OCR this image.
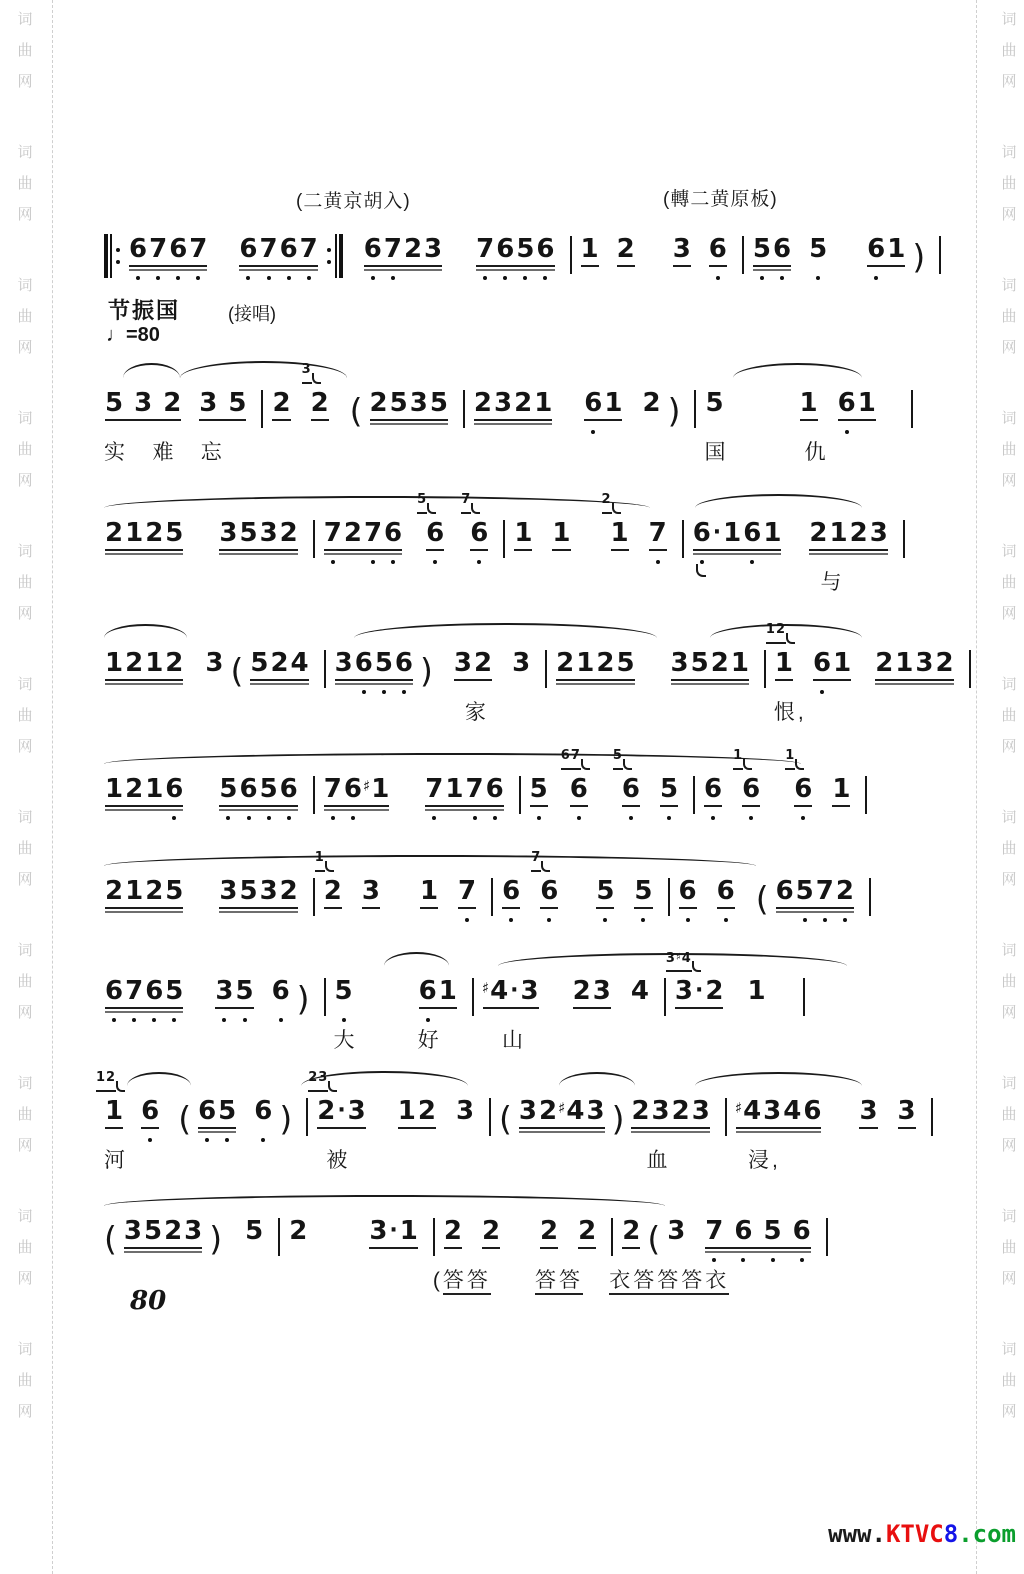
词
曲
网
词
曲
网
词
曲
网
词
曲
网
词
曲
网
词
曲
网
词
曲
网
词
曲
网
词
曲
网
词
曲
网
词
曲
网
词
曲
网
词
曲
网
词
曲
网
词
曲
网
词
曲
网
词
曲
网
词
曲
网
词
曲
网
词
曲
网
词
曲
网
词
曲
网
(二黄京胡入)	(轉二黄原板)
节振国	(接唱)
♩=80
6 7 6 7 6 7 6 7 6 7 2 3 7 6 5 6 1 2 3 6 5 6 5 6 1 )
5 3 2
实 难
3 5
忘
2 2
3
( 2 5 3 5 2 3 2 1 6 1 2 ) 5
国
1
仇
6 1
2 1 2 5 3 5 3 2 7 2 7 6 6
5
6
7
1 1 1
2
7 6 · 1 6 1 2 1 2 3
与
1 2 1 2 3 ( 5 2 4 3 6 5 6 ) 3 2
家
3 2 1 2 5 3 5 2 1 1
12
恨,
6 1 2 1 3 2
1 2 1 6 5 6 5 6 7 6 ♯ 1 7 1 7 6 5 6
67
6
5
5 6 6
1
6
1
1
2 1 2 5 3 5 3 2 2
1
3 1 7 6 6
7
5 5 6 6 ( 6 5 7 2
6 7 6 5 3 5 6 ) 5
大
6 1
好
♯ 4 · 3
山
2 3 4 3 · 2
3♯4
1
1
12
河
6 ( 6 5 6 ) 2 · 3
23
被
1 2 3 ( 3 2 ♯ 4 3 ) 2 3 2 3
血
♯ 4 3 4 6
浸,
3 3
( 3 5 2 3 ) 5 2 3 · 1 2
(答答
2 2
答答
2 2
衣答答答衣
( 3 7 6 5 6
80
www.KTVC8.com
